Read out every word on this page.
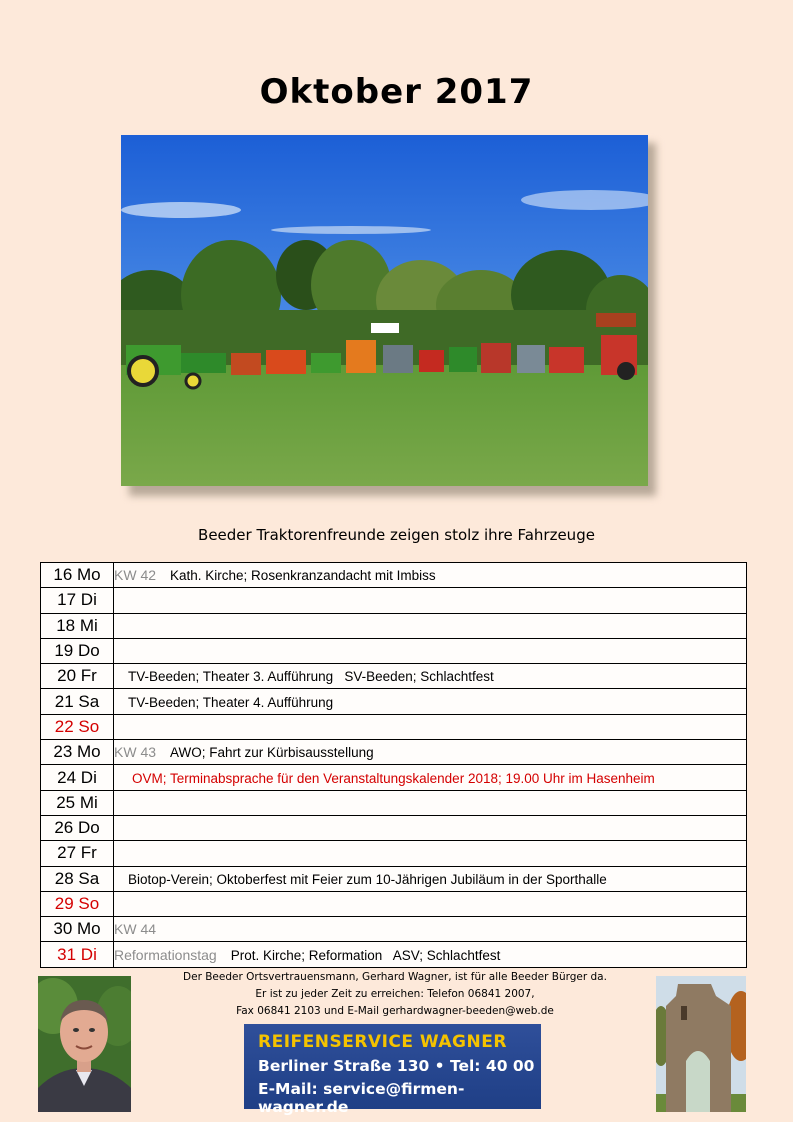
Oktober 2017
Beeder Traktorenfreunde zeigen stolz ihre Fahrzeuge
16 Mo	KW 42 Kath. Kirche; Rosenkranzandacht mit Imbiss
17 Di	
18 Mi	
19 Do	
20 Fr	TV-Beeden; Theater 3. Aufführung   SV-Beeden; Schlachtfest
21 Sa	TV-Beeden; Theater 4. Aufführung
22 So	
23 Mo	KW 43 AWO; Fahrt zur Kürbisausstellung
24 Di	OVM; Terminabsprache für den Veranstaltungskalender 2018; 19.00 Uhr im Hasenheim
25 Mi	
26 Do	
27 Fr	
28 Sa	Biotop-Verein; Oktoberfest mit Feier zum 10-Jährigen Jubiläum in der Sporthalle
29 So	
30 Mo	KW 44
31 Di	Reformationstag Prot. Kirche; Reformation   ASV; Schlachtfest
Der Beeder Ortsvertrauensmann, Gerhard Wagner, ist für alle Beeder Bürger da.
Er ist zu jeder Zeit zu erreichen: Telefon 06841 2007,
Fax 06841 2103 und E-Mail gerhardwagner-beeden@web.de
REIFENSERVICE WAGNER
Berliner Straße 130 • Tel: 40 00
E-Mail: service@firmen-wagner.de
